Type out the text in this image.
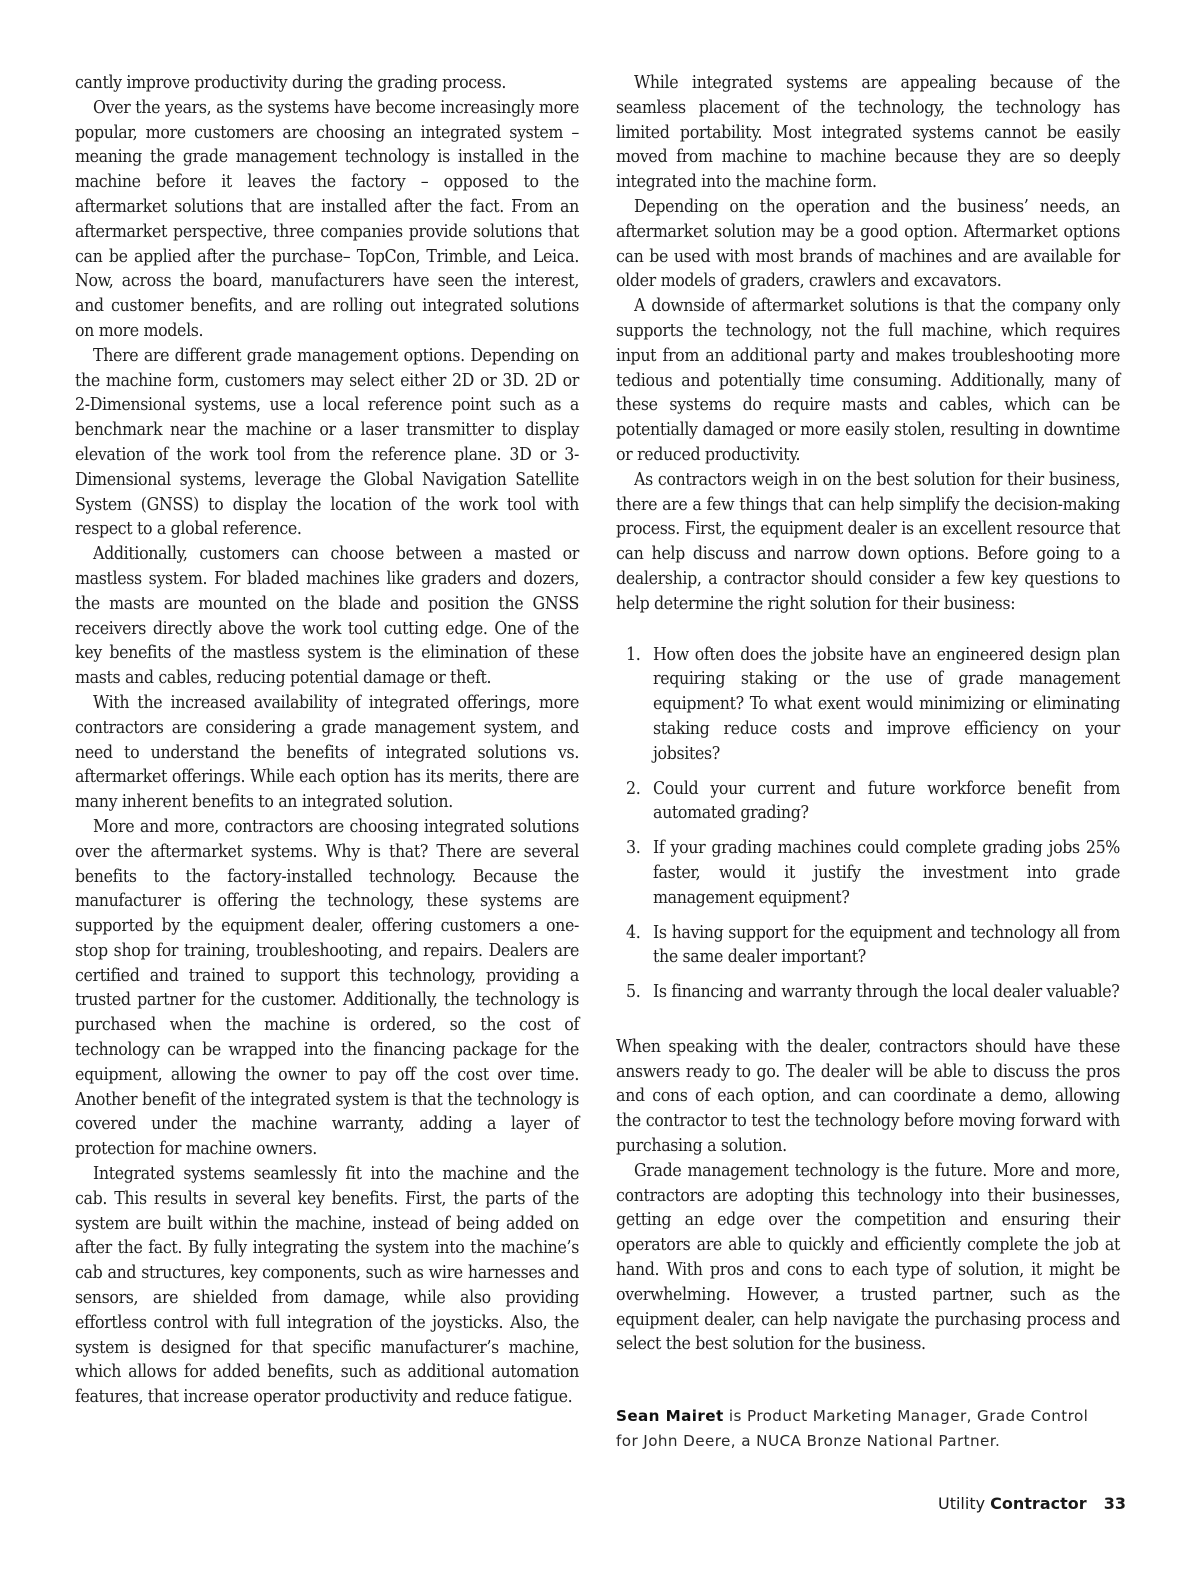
cantly improve productivity during the grading process.

Over the years, as the systems have become increasingly more popular, more customers are choosing an integrated system – meaning the grade management technology is installed in the machine before it leaves the factory – opposed to the aftermarket solutions that are installed after the fact. From an aftermarket perspective, three companies provide solutions that can be applied after the purchase– TopCon, Trimble, and Leica. Now, across the board, manufacturers have seen the interest, and customer benefits, and are rolling out integrated solutions on more models.

There are different grade management options. Depending on the machine form, customers may select either 2D or 3D. 2D or 2-Dimensional systems, use a local reference point such as a benchmark near the machine or a laser transmitter to display elevation of the work tool from the reference plane. 3D or 3-Dimensional systems, leverage the Global Navigation Satellite System (GNSS) to display the location of the work tool with respect to a global reference.

Additionally, customers can choose between a masted or mastless system. For bladed machines like graders and dozers, the masts are mounted on the blade and position the GNSS receivers directly above the work tool cutting edge. One of the key benefits of the mastless system is the elimination of these masts and cables, reducing potential damage or theft.

With the increased availability of integrated offerings, more contractors are considering a grade management system, and need to understand the benefits of integrated solutions vs. aftermarket offerings. While each option has its merits, there are many inherent benefits to an integrated solution.

More and more, contractors are choosing integrated solutions over the aftermarket systems. Why is that? There are several benefits to the factory-installed technology. Because the manufacturer is offering the technology, these systems are supported by the equipment dealer, offering customers a one-stop shop for training, troubleshooting, and repairs. Dealers are certified and trained to support this technology, providing a trusted partner for the customer. Additionally, the technology is purchased when the machine is ordered, so the cost of technology can be wrapped into the financing package for the equipment, allowing the owner to pay off the cost over time. Another benefit of the integrated system is that the technology is covered under the machine warranty, adding a layer of protection for machine owners.

Integrated systems seamlessly fit into the machine and the cab. This results in several key benefits. First, the parts of the system are built within the machine, instead of being added on after the fact. By fully integrating the system into the machine’s cab and structures, key components, such as wire harnesses and sensors, are shielded from damage, while also providing effortless control with full integration of the joysticks. Also, the system is designed for that specific manufacturer’s machine, which allows for added benefits, such as additional automation features, that increase operator productivity and reduce fatigue.

While integrated systems are appealing because of the seamless placement of the technology, the technology has limited portability. Most integrated systems cannot be easily moved from machine to machine because they are so deeply integrated into the machine form.

Depending on the operation and the business’ needs, an aftermarket solution may be a good option. Aftermarket options can be used with most brands of machines and are available for older models of graders, crawlers and excavators.

A downside of aftermarket solutions is that the company only supports the technology, not the full machine, which requires input from an additional party and makes troubleshooting more tedious and potentially time consuming. Additionally, many of these systems do require masts and cables, which can be potentially damaged or more easily stolen, resulting in downtime or reduced productivity.

As contractors weigh in on the best solution for their business, there are a few things that can help simplify the decision-making process. First, the equipment dealer is an excellent resource that can help discuss and narrow down options. Before going to a dealership, a contractor should consider a few key questions to help determine the right solution for their business:

1. How often does the jobsite have an engineered design plan requiring staking or the use of grade management equipment? To what exent would minimizing or eliminating staking reduce costs and improve efficiency on your jobsites?
2. Could your current and future workforce benefit from automated grading?
3. If your grading machines could complete grading jobs 25% faster, would it justify the investment into grade management equipment?
4. Is having support for the equipment and technology all from the same dealer important?
5. Is financing and warranty through the local dealer valuable?

When speaking with the dealer, contractors should have these answers ready to go. The dealer will be able to discuss the pros and cons of each option, and can coordinate a demo, allowing the contractor to test the technology before moving forward with purchasing a solution.

Grade management technology is the future. More and more, contractors are adopting this technology into their businesses, getting an edge over the competition and ensuring their operators are able to quickly and efficiently complete the job at hand. With pros and cons to each type of solution, it might be overwhelming. However, a trusted partner, such as the equipment dealer, can help navigate the purchasing process and select the best solution for the business.

Sean Mairet is Product Marketing Manager, Grade Control
for John Deere, a NUCA Bronze National Partner.
Utility Contractor 33
